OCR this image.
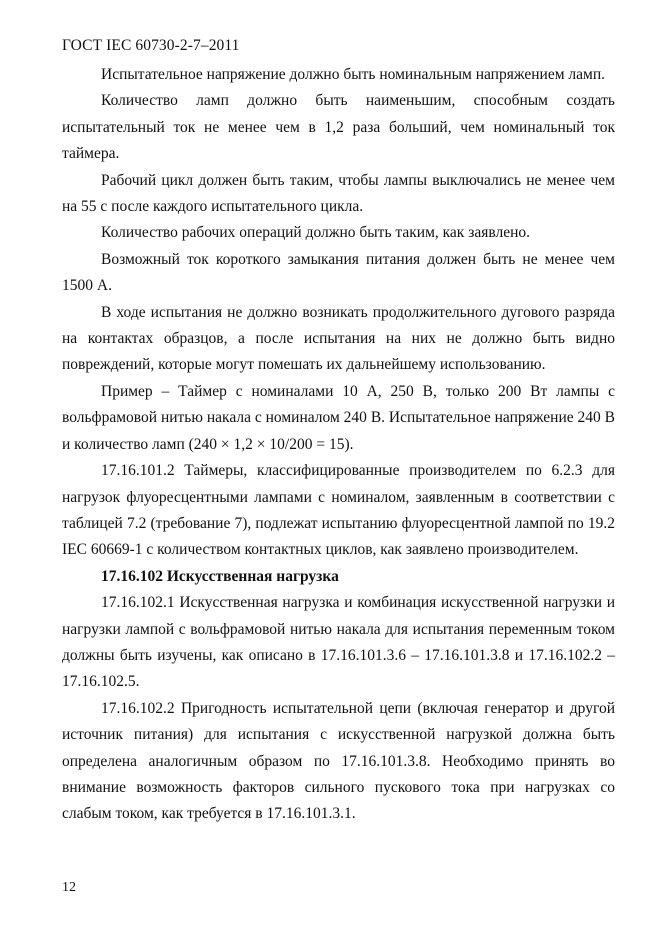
ГОСТ IEC 60730-2-7–2011

Испытательное напряжение должно быть номинальным напряжением ламп.

Количество ламп должно быть наименьшим, способным создать испытательный ток не менее чем в 1,2 раза больший, чем номинальный ток таймера.

Рабочий цикл должен быть таким, чтобы лампы выключались не менее чем на 55 с после каждого испытательного цикла.

Количество рабочих операций должно быть таким, как заявлено.

Возможный ток короткого замыкания питания должен быть не менее чем 1500 А.

В ходе испытания не должно возникать продолжительного дугового разряда на контактах образцов, а после испытания на них не должно быть видно повреждений, которые могут помешать их дальнейшему использованию.

Пример – Таймер с номиналами 10 А, 250 В, только 200 Вт лампы с вольфрамовой нитью накала с номиналом 240 В. Испытательное напряжение 240 В и количество ламп (240 × 1,2 × 10/200 = 15).

17.16.101.2 Таймеры, классифицированные производителем по 6.2.3 для нагрузок флуоресцентными лампами с номиналом, заявленным в соответствии с таблицей 7.2 (требование 7), подлежат испытанию флуоресцентной лампой по 19.2 IEC 60669-1 с количеством контактных циклов, как заявлено производителем.

17.16.102 Искусственная нагрузка

17.16.102.1 Искусственная нагрузка и комбинация искусственной нагрузки и нагрузки лампой с вольфрамовой нитью накала для испытания переменным током должны быть изучены, как описано в 17.16.101.3.6 – 17.16.101.3.8 и 17.16.102.2 – 17.16.102.5.

17.16.102.2 Пригодность испытательной цепи (включая генератор и другой источник питания) для испытания с искусственной нагрузкой должна быть определена аналогичным образом по 17.16.101.3.8. Необходимо принять во внимание возможность факторов сильного пускового тока при нагрузках со слабым током, как требуется в 17.16.101.3.1.

12
